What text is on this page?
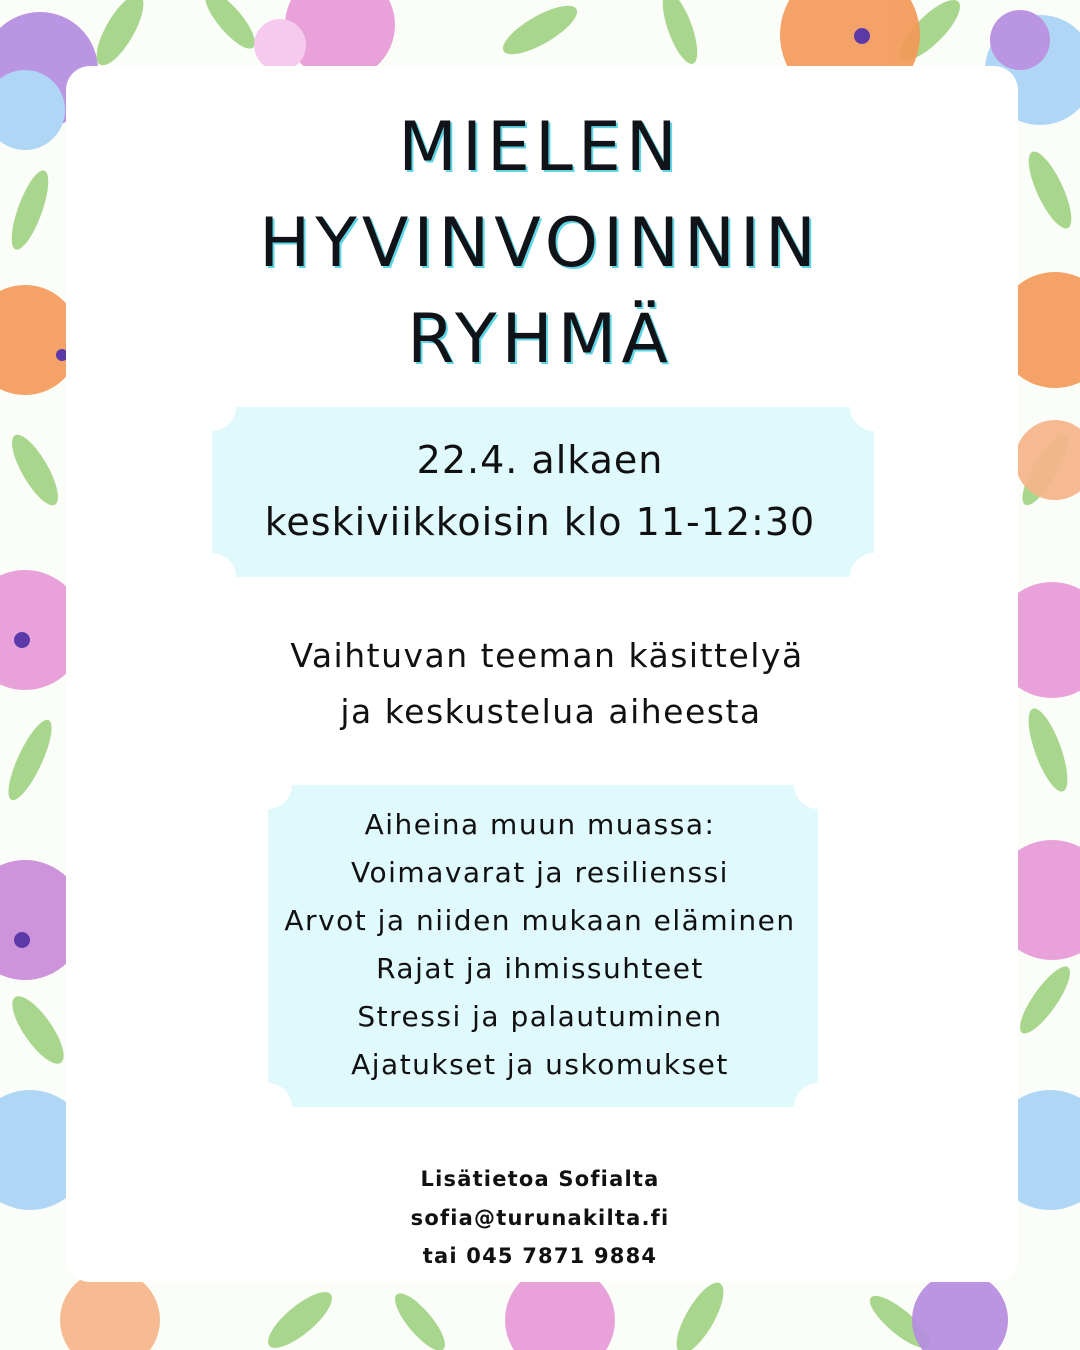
MIELEN
HYVINVOINNIN
RYHMÄ
22.4. alkaen
keskiviikkoisin klo 11-12:30
Vaihtuvan teeman käsittelyä
ja keskustelua aiheesta
Aiheina muun muassa:
Voimavarat ja resilienssi
Arvot ja niiden mukaan eläminen
Rajat ja ihmissuhteet
Stressi ja palautuminen
Ajatukset ja uskomukset
Lisätietoa Sofialta
sofia@turunakilta.fi
tai 045 7871 9884
